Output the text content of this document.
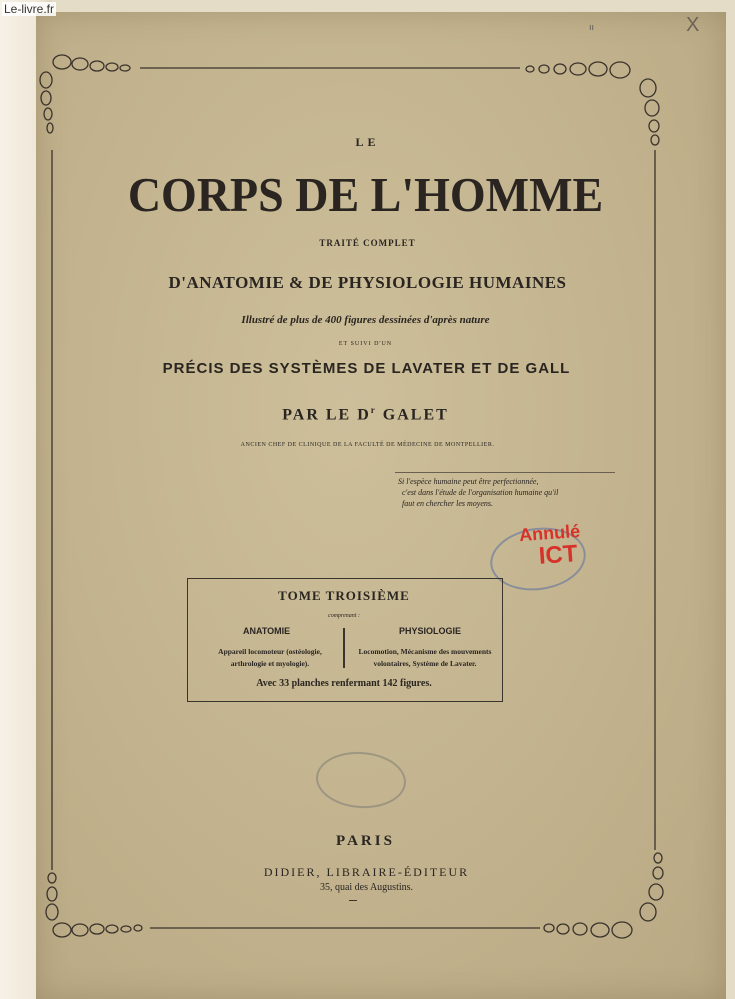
Le-livre.fr
X
ıı
LE
CORPS DE L'HOMME
TRAITÉ COMPLET
D'ANATOMIE & DE PHYSIOLOGIE HUMAINES
Illustré de plus de 400 figures dessinées d'après nature
ET SUIVI D'UN
PRÉCIS DES SYSTÈMES DE LAVATER ET DE GALL
PAR LE $D^r$ GALET
ANCIEN CHEF DE CLINIQUE DE LA FACULTÉ DE MÉDECINE DE MONTPELLIER.
Si l'espèce humaine peut être perfectionnée,
c'est dans l'étude de l'organisation humaine qu'il
faut en chercher les moyens.
Annulé
ICT
TOME TROISIÈME
comprenant :
ANATOMIE	PHYSIOLOGIE
Appareil locomoteur (ostéologie,
arthrologie et myologie).
Locomotion, Mécanisme des mouvements
volontaires, Système de Lavater.
Avec 33 planches renfermant 142 figures.
PARIS
DIDIER, LIBRAIRE-ÉDITEUR
35, quai des Augustins.
